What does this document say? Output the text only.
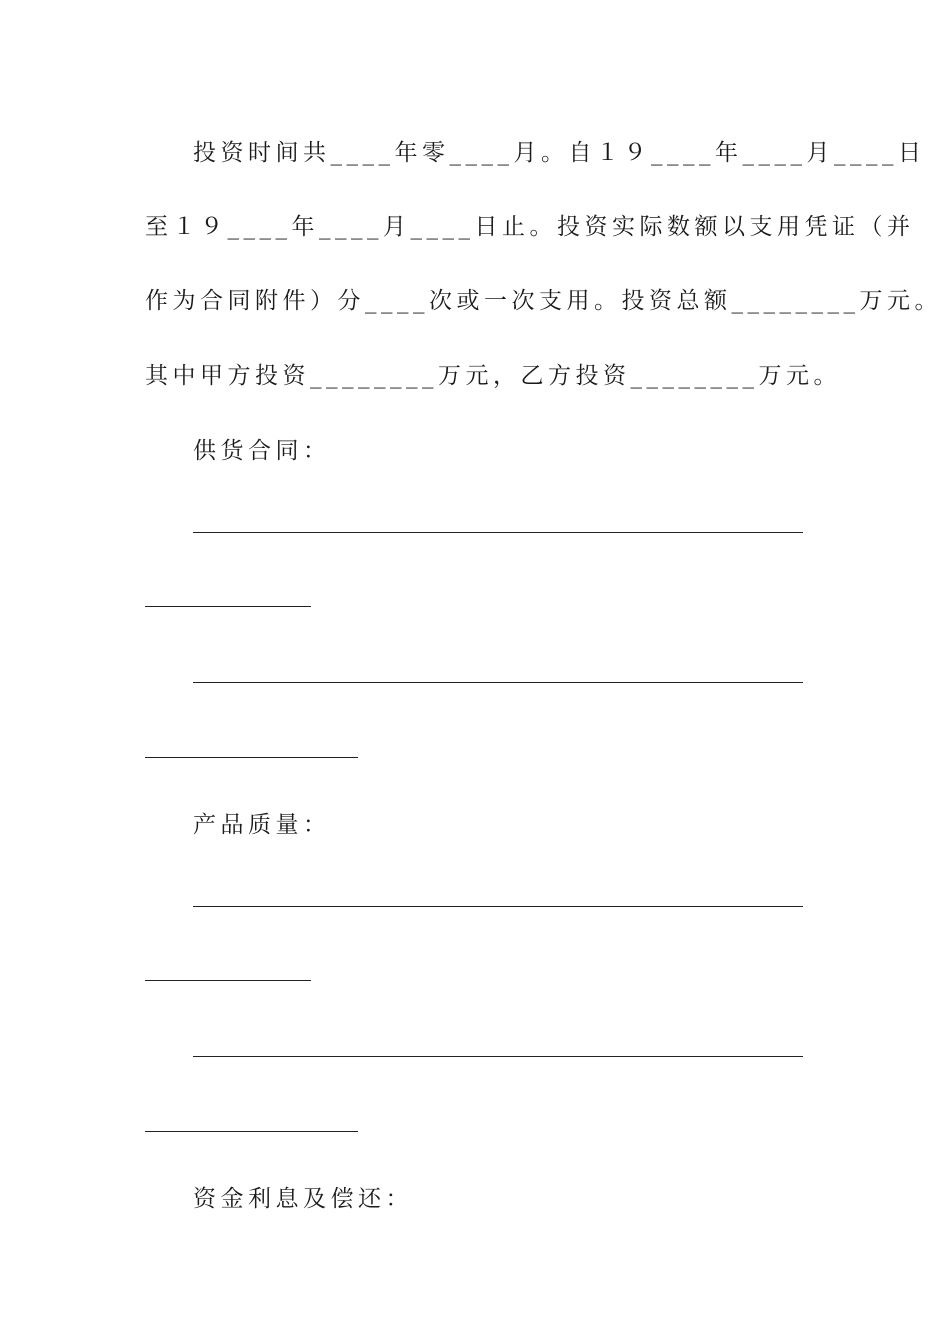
投资时间共____年零____月。自１９____年____月____日
至１９____年____月____日止。投资实际数额以支用凭证（并
作为合同附件）分____次或一次支用。投资总额________万元。
其中甲方投资________万元，乙方投资________万元。
供货合同：
产品质量：
资金利息及偿还：
